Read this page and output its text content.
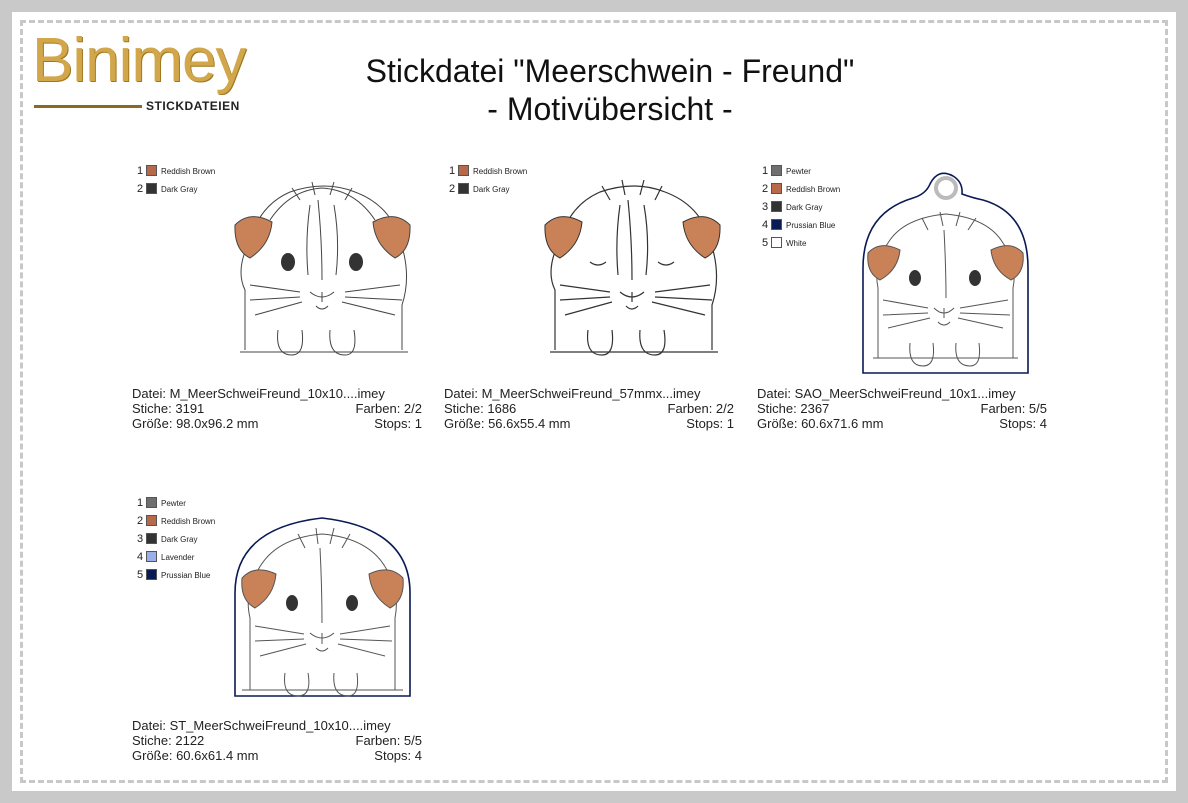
Binimey
STICKDATEIEN
Stickdatei "Meerschwein - Freund"
- Motivübersicht -
1 Reddish Brown
2 Dark Gray
Datei: M_MeerSchweiFreund_10x10....imey
Stiche: 3191	Farben: 2/2
Größe: 98.0x96.2 mm	Stops: 1
1 Reddish Brown
2 Dark Gray
Datei: M_MeerSchweiFreund_57mmx...imey
Stiche: 1686	Farben: 2/2
Größe: 56.6x55.4 mm	Stops: 1
1 Pewter
2 Reddish Brown
3 Dark Gray
4 Prussian Blue
5 White
Datei: SAO_MeerSchweiFreund_10x1...imey
Stiche: 2367	Farben: 5/5
Größe: 60.6x71.6 mm	Stops: 4
1 Pewter
2 Reddish Brown
3 Dark Gray
4 Lavender
5 Prussian Blue
Datei: ST_MeerSchweiFreund_10x10....imey
Stiche: 2122	Farben: 5/5
Größe: 60.6x61.4 mm	Stops: 4
